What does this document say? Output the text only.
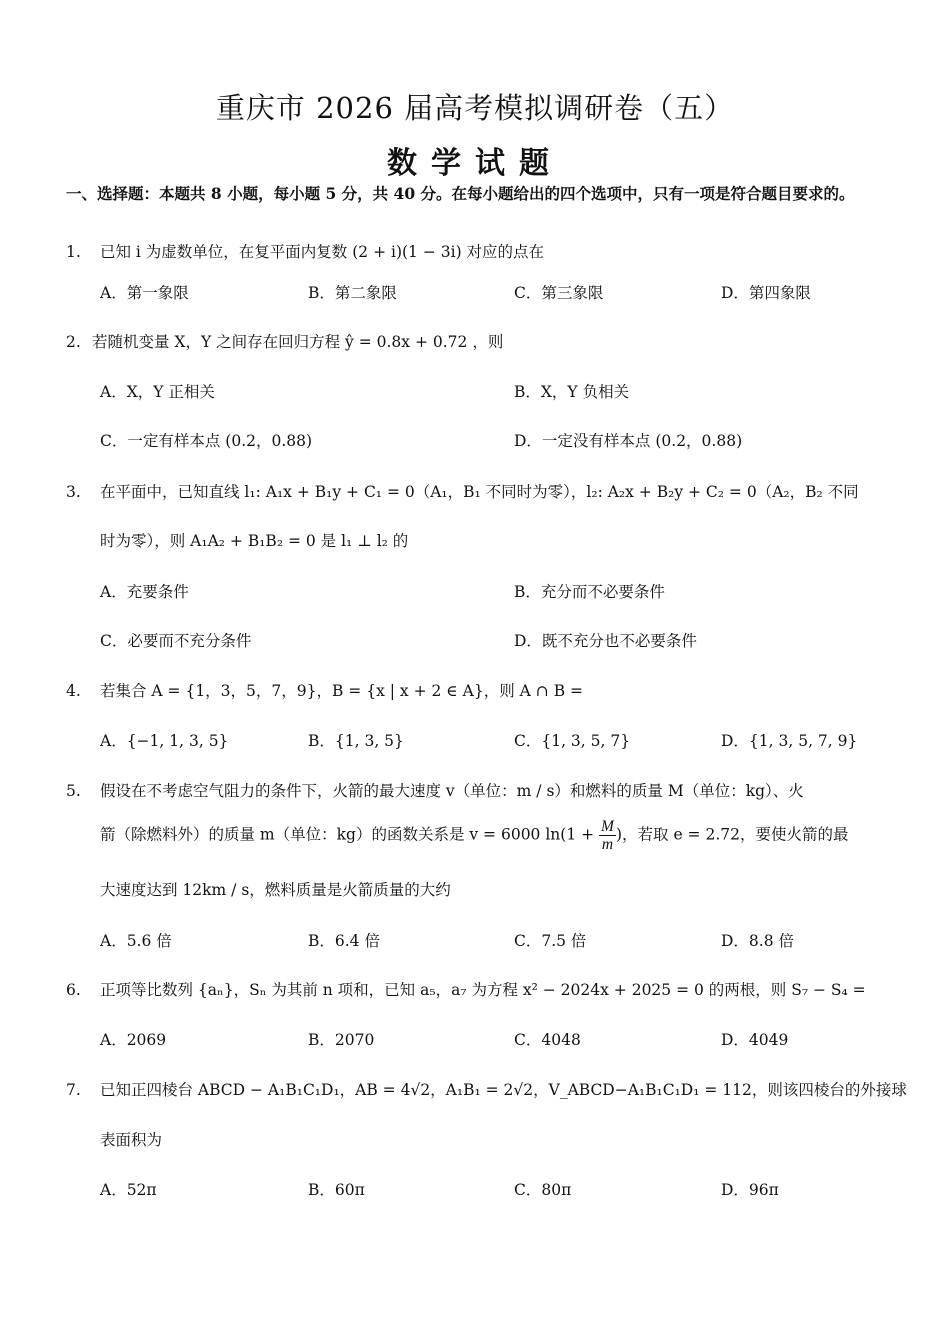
重庆市 2026 届高考模拟调研卷（五）
数学试题
一、选择题：本题共 8 小题，每小题 5 分，共 40 分。在每小题给出的四个选项中，只有一项是符合题目要求的。
1. 已知 i 为虚数单位，在复平面内复数 (2 + i)(1 − 3i) 对应的点在
A．第一象限	B．第二象限	C．第三象限	D．第四象限
2. 若随机变量 X，Y 之间存在回归方程 ŷ = 0.8x + 0.72 ，则
A．X，Y 正相关	B．X，Y 负相关
C．一定有样本点 (0.2，0.88)	D．一定没有样本点 (0.2，0.88)
3. 在平面中，已知直线 l₁: A₁x + B₁y + C₁ = 0（A₁，B₁ 不同时为零），l₂: A₂x + B₂y + C₂ = 0（A₂，B₂ 不同
时为零），则 A₁A₂ + B₁B₂ = 0 是 l₁ ⊥ l₂ 的
A．充要条件	B．充分而不必要条件
C．必要而不充分条件	D．既不充分也不必要条件
4. 若集合 A = {1，3，5，7，9}，B = {x | x + 2 ∈ A}，则 A ∩ B =
A．{−1, 1, 3, 5}	B．{1, 3, 5}	C．{1, 3, 5, 7}	D．{1, 3, 5, 7, 9}
5. 假设在不考虑空气阻力的条件下，火箭的最大速度 v（单位：m / s）和燃料的质量 M（单位：kg）、火
箭（除燃料外）的质量 m（单位：kg）的函数关系是 v = 6000 $\ln(1 + \frac{M}{m}$ )，若取 e = 2.72，要使火箭的最
大速度达到 12km / s，燃料质量是火箭质量的大约
A．5.6 倍	B．6.4 倍	C．7.5 倍	D．8.8 倍
6. 正项等比数列 {aₙ}，Sₙ 为其前 n 项和，已知 a₅，a₇ 为方程 x² − 2024x + 2025 = 0 的两根，则 S₇ − S₄ =
A．2069	B．2070	C．4048	D．4049
7. 已知正四棱台 ABCD − A₁B₁C₁D₁，AB = 4√2，A₁B₁ = 2√2，V_ABCD−A₁B₁C₁D₁ = 112，则该四棱台的外接球
表面积为
A．52π	B．60π	C．80π	D．96π
